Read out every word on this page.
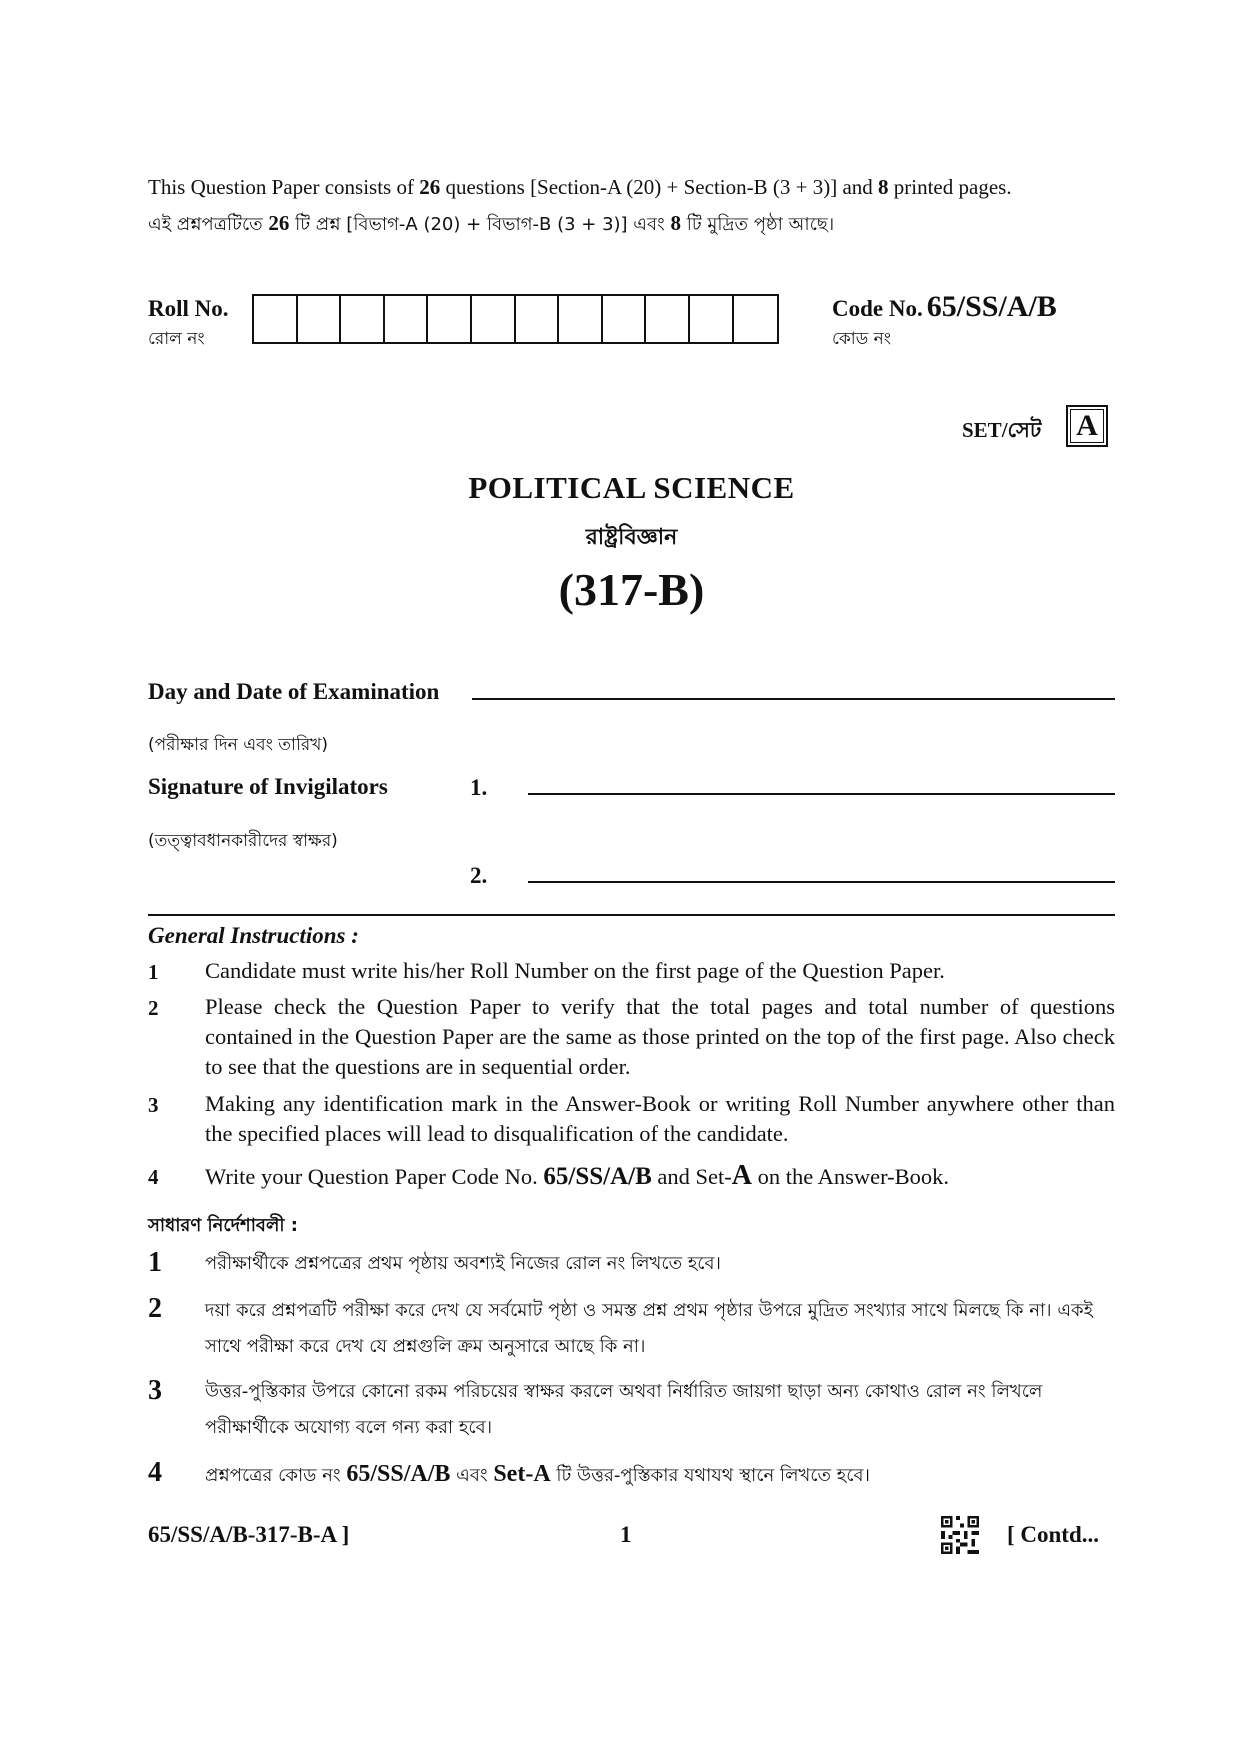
This Question Paper consists of 26 questions [Section-A (20) + Section-B (3 + 3)] and 8 printed pages.
এই প্রশ্নপত্রটিতে 26 টি প্রশ্ন [বিভাগ-A (20) + বিভাগ-B (3 + 3)] এবং 8 টি মুদ্রিত পৃষ্ঠা আছে।
Roll No.
রোল নং
Code No. 65/SS/A/B
কোড নং
SET/সেট A
POLITICAL SCIENCE
রাষ্ট্রবিজ্ঞান
(317-B)
Day and Date of Examination
(পরীক্ষার দিন এবং তারিখ)
Signature of Invigilators	1.
(তত্ত্বাবধানকারীদের স্বাক্ষর)
2.
General Instructions :
1 Candidate must write his/her Roll Number on the first page of the Question Paper.
2 Please check the Question Paper to verify that the total pages and total number of questions contained in the Question Paper are the same as those printed on the top of the first page. Also check to see that the questions are in sequential order.
3 Making any identification mark in the Answer-Book or writing Roll Number anywhere other than the specified places will lead to disqualification of the candidate.
4 Write your Question Paper Code No. 65/SS/A/B and Set-A on the Answer-Book.
সাধারণ নির্দেশাবলী :
1 পরীক্ষার্থীকে প্রশ্নপত্রের প্রথম পৃষ্ঠায় অবশ্যই নিজের রোল নং লিখতে হবে।
2 দয়া করে প্রশ্নপত্রটি পরীক্ষা করে দেখ যে সর্বমোট পৃষ্ঠা ও সমস্ত প্রশ্ন প্রথম পৃষ্ঠার উপরে মুদ্রিত সংখ্যার সাথে মিলছে কি না। একই সাথে পরীক্ষা করে দেখ যে প্রশ্নগুলি ক্রম অনুসারে আছে কি না।
3 উত্তর-পুস্তিকার উপরে কোনো রকম পরিচয়ের স্বাক্ষর করলে অথবা নির্ধারিত জায়গা ছাড়া অন্য কোথাও রোল নং লিখলে পরীক্ষার্থীকে অযোগ্য বলে গন্য করা হবে।
4 প্রশ্নপত্রের কোড নং 65/SS/A/B এবং Set-A টি উত্তর-পুস্তিকার যথাযথ স্থানে লিখতে হবে।
65/SS/A/B-317-B-A ]	1	[ Contd...
